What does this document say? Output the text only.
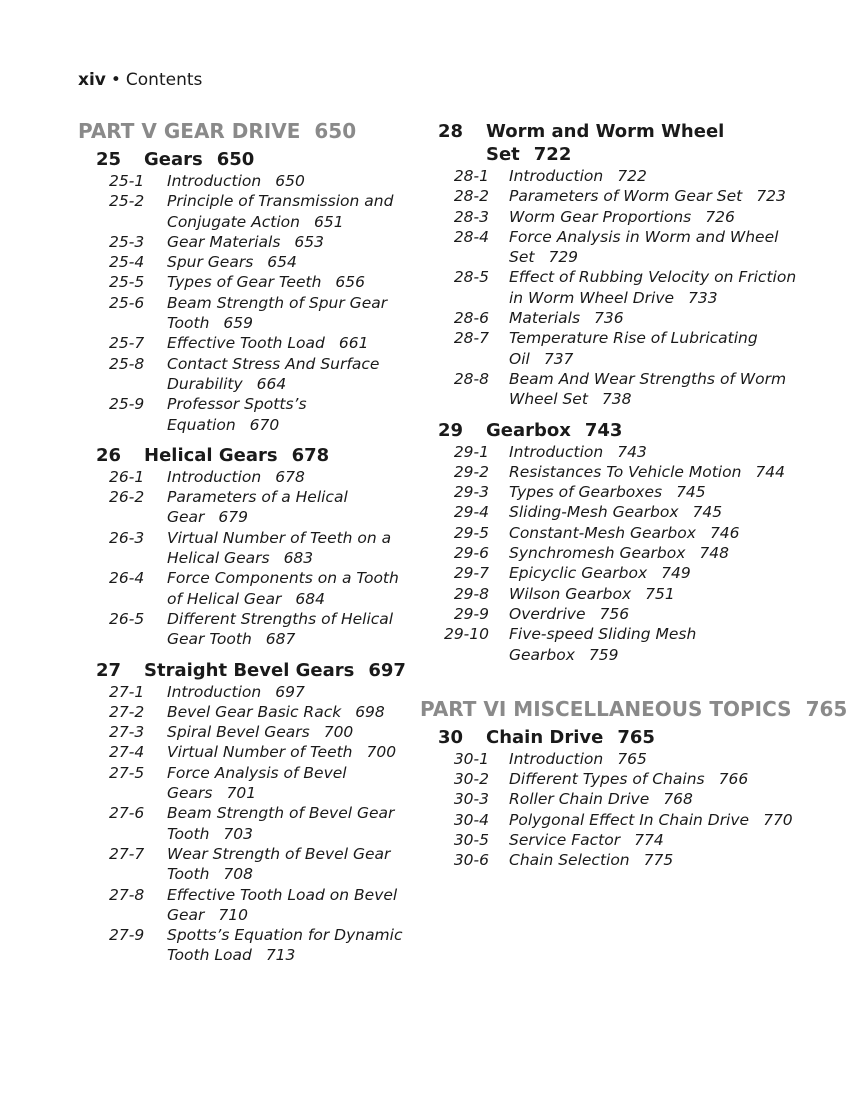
xiv • Contents
PART V GEAR DRIVE 650
25	Gears 650
25-1	Introduction 650
25-2	Principle of Transmission and Conjugate Action 651
25-3	Gear Materials 653
25-4	Spur Gears 654
25-5	Types of Gear Teeth 656
25-6	Beam Strength of Spur Gear Tooth 659
25-7	Effective Tooth Load 661
25-8	Contact Stress And Surface Durability 664
25-9	Professor Spotts’s Equation 670
26	Helical Gears 678
26-1	Introduction 678
26-2	Parameters of a Helical Gear 679
26-3	Virtual Number of Teeth on a Helical Gears 683
26-4	Force Components on a Tooth of Helical Gear 684
26-5	Different Strengths of Helical Gear Tooth 687
27	Straight Bevel Gears 697
27-1	Introduction 697
27-2	Bevel Gear Basic Rack 698
27-3	Spiral Bevel Gears 700
27-4	Virtual Number of Teeth 700
27-5	Force Analysis of Bevel Gears 701
27-6	Beam Strength of Bevel Gear Tooth 703
27-7	Wear Strength of Bevel Gear Tooth 708
27-8	Effective Tooth Load on Bevel Gear 710
27-9	Spotts’s Equation for Dynamic Tooth Load 713
28	Worm and Worm Wheel Set 722
28-1	Introduction 722
28-2	Parameters of Worm Gear Set 723
28-3	Worm Gear Proportions 726
28-4	Force Analysis in Worm and Wheel Set 729
28-5	Effect of Rubbing Velocity on Friction in Worm Wheel Drive 733
28-6	Materials 736
28-7	Temperature Rise of Lubricating Oil 737
28-8	Beam And Wear Strengths of Worm Wheel Set 738
29	Gearbox 743
29-1	Introduction 743
29-2	Resistances To Vehicle Motion 744
29-3	Types of Gearboxes 745
29-4	Sliding-Mesh Gearbox 745
29-5	Constant-Mesh Gearbox 746
29-6	Synchromesh Gearbox 748
29-7	Epicyclic Gearbox 749
29-8	Wilson Gearbox 751
29-9	Overdrive 756
29-10	Five-speed Sliding Mesh Gearbox 759
PART VI MISCELLANEOUS TOPICS 765
30	Chain Drive 765
30-1	Introduction 765
30-2	Different Types of Chains 766
30-3	Roller Chain Drive 768
30-4	Polygonal Effect In Chain Drive 770
30-5	Service Factor 774
30-6	Chain Selection 775
